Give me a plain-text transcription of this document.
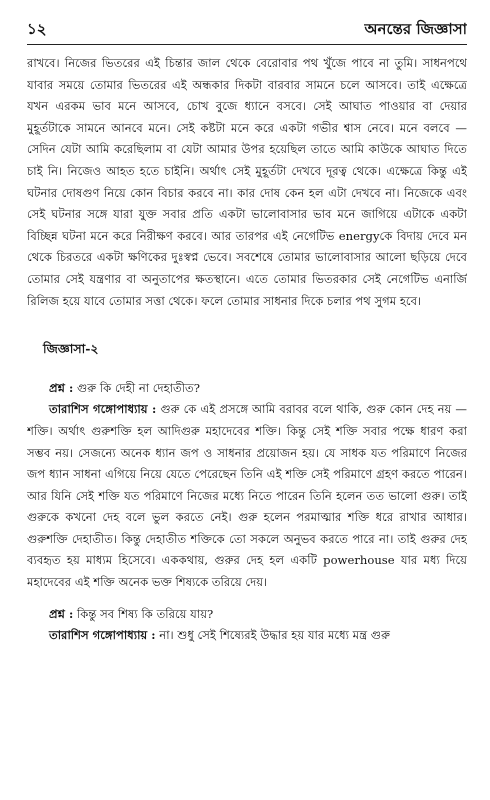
১২	অনন্তের জিজ্ঞাসা

রাখবে। নিজের ভিতরের এই চিন্তার জাল থেকে বেরোবার পথ খুঁজে পাবে না তুমি। সাধনপথে যাবার সময়ে তোমার ভিতরের এই অন্ধকার দিকটা বারবার সামনে চলে আসবে। তাই এক্ষেত্রে যখন এরকম ভাব মনে আসবে, চোখ বুজে ধ্যানে বসবে। সেই আঘাত পাওয়ার বা দেয়ার মুহূর্তটাকে সামনে আনবে মনে। সেই কষ্টটা মনে করে একটা গভীর শ্বাস নেবে। মনে বলবে — সেদিন যেটা আমি করেছিলাম বা যেটা আমার উপর হয়েছিল তাতে আমি কাউকে আঘাত দিতে চাই নি। নিজেও আহত হতে চাইনি। অর্থাৎ সেই মুহূর্তটা দেখবে দূরত্ব থেকে। এক্ষেত্রে কিন্তু এই ঘটনার দোষগুণ নিয়ে কোন বিচার করবে না। কার দোষ কেন হল এটা দেখবে না। নিজেকে এবং সেই ঘটনার সঙ্গে যারা যুক্ত সবার প্রতি একটা ভালোবাসার ভাব মনে জাগিয়ে এটাকে একটা বিচ্ছিন্ন ঘটনা মনে করে নিরীক্ষণ করবে। আর তারপর এই নেগেটিভ energyকে বিদায় দেবে মন থেকে চিরতরে একটা ক্ষণিকের দুঃস্বপ্ন ভেবে। সবশেষে তোমার ভালোবাসার আলো ছড়িয়ে দেবে তোমার সেই যন্ত্রণার বা অনুতাপের ক্ষতস্থানে। এতে তোমার ভিতরকার সেই নেগেটিভ এনার্জি রিলিজ হয়ে যাবে তোমার সত্তা থেকে। ফলে তোমার সাধনার দিকে চলার পথ সুগম হবে।

জিজ্ঞাসা-২

প্রশ্ন : গুরু কি দেহী না দেহাতীত?

তারাশিস গঙ্গোপাধ্যায় : গুরু কে এই প্রসঙ্গে আমি বরাবর বলে থাকি, গুরু কোন দেহ নয় — শক্তি। অর্থাৎ গুরুশক্তি হল আদিগুরু মহাদেবের শক্তি। কিন্তু সেই শক্তি সবার পক্ষে ধারণ করা সম্ভব নয়। সেজন্যে অনেক ধ্যান জপ ও সাধনার প্রয়োজন হয়। যে সাধক যত পরিমাণে নিজের জপ ধ্যান সাধনা এগিয়ে নিয়ে যেতে পেরেছেন তিনি এই শক্তি সেই পরিমাণে গ্রহণ করতে পারেন। আর যিনি সেই শক্তি যত পরিমাণে নিজের মধ্যে নিতে পারেন তিনি হলেন তত ভালো গুরু। তাই গুরুকে কখনো দেহ বলে ভুল করতে নেই। গুরু হলেন পরমাত্মার শক্তি ধরে রাখার আধার। গুরুশক্তি দেহাতীত। কিন্তু দেহাতীত শক্তিকে তো সকলে অনুভব করতে পারে না। তাই গুরুর দেহ ব্যবহৃত হয় মাধ্যম হিসেবে। এককথায়, গুরুর দেহ হল একটি powerhouse যার মধ্য দিয়ে মহাদেবের এই শক্তি অনেক ভক্ত শিষ্যকে তরিয়ে দেয়।

প্রশ্ন : কিন্তু সব শিষ্য কি তরিয়ে যায়?

তারাশিস গঙ্গোপাধ্যায় : না। শুধু সেই শিষ্যেরই উদ্ধার হয় যার মধ্যে মন্ত্র গুরু
